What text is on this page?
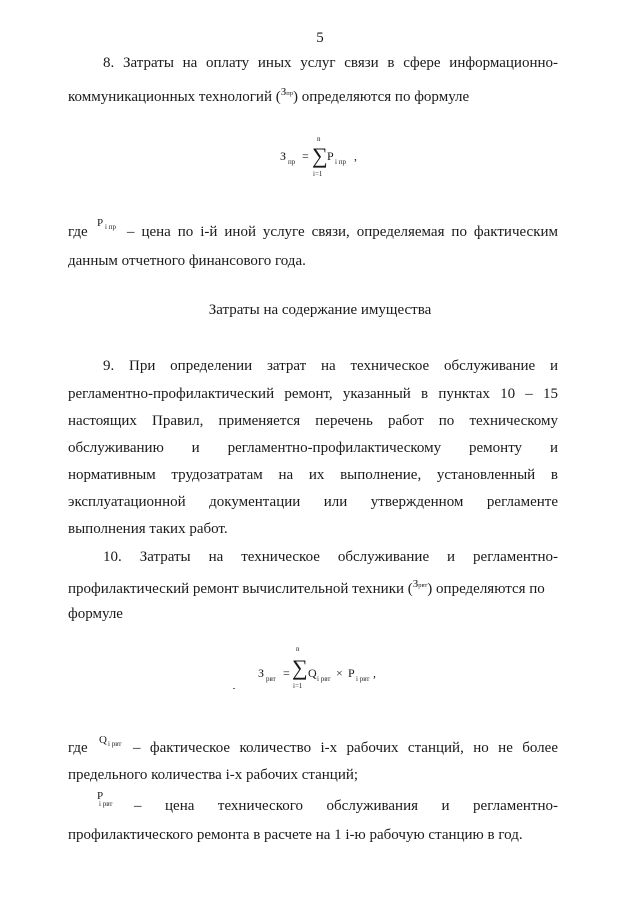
5
8. Затраты на оплату иных услуг связи в сфере информационно-
коммуникационных технологий (Зпр) определяются по формуле
З пр =
n
∑
i=1
P i пр ,
где
P i пр – цена по i-й иной услуге связи, определяемая по фактическим
данным отчетного финансового года.
Затраты на содержание имущества
9. При определении затрат на техническое обслуживание и
регламентно-профилактический ремонт, указанный в пунктах 10 – 15
настоящих Правил, применяется перечень работ по техническому
обслуживанию и регламентно-профилактическому ремонту и
нормативным трудозатратам на их выполнение, установленный в
эксплуатационной документации или утвержденном регламенте
выполнения таких работ.
10. Затраты на техническое обслуживание и регламентно-
профилактический ремонт вычислительной техники (Зрвт) определяются по
формуле
З рвт =
n
∑
i=1
Q i рвт × P i рвт ,
где	Q i рвт – фактическое количество i-х рабочих станций, но не более
предельного количества i-х рабочих станций;
P
i рвт – цена технического обслуживания и регламентно-
профилактического ремонта в расчете на 1 i-ю рабочую станцию в год.
